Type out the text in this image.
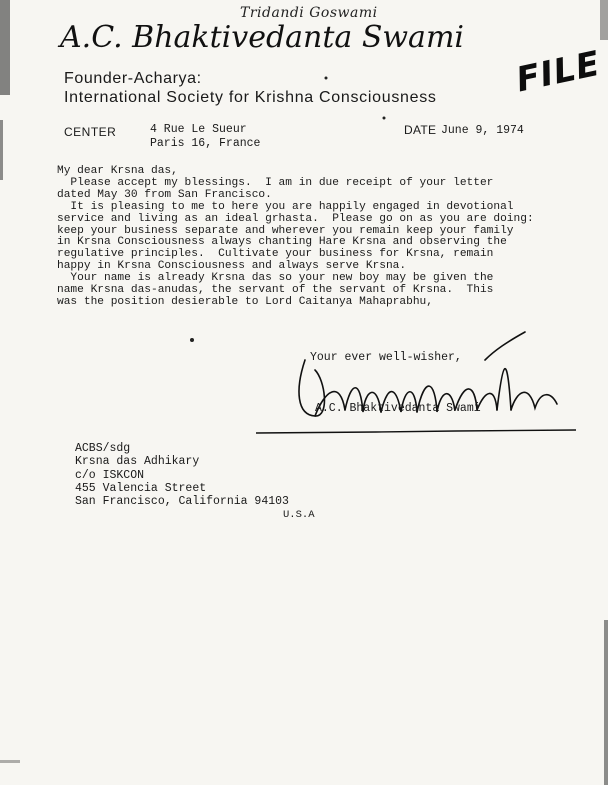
Tridandi Goswami
A.C. Bhaktivedanta Swami
Founder-Acharya:
International Society for Krishna Consciousness FILE
CENTER	4 Rue Le Sueur
Paris 16, France
DATE June 9, 1974
My dear Krsna das,
Please accept my blessings.  I am in due receipt of your letter
dated May 30 from San Francisco.
It is pleasing to me to here you are happily engaged in devotional
service and living as an ideal grhasta.  Please go on as you are doing:
keep your business separate and wherever you remain keep your family
in Krsna Consciousness always chanting Hare Krsna and observing the
regulative principles.  Cultivate your business for Krsna, remain
happy in Krsna Consciousness and always serve Krsna.
Your name is already Krsna das so your new boy may be given the
name Krsna das-anudas, the servant of the servant of Krsna.  This
was the position desierable to Lord Caitanya Mahaprabhu,
Your ever well-wisher,
A.C. Bhaktivedanta Swami
ACBS/sdg
Krsna das Adhikary
c/o ISKCON
455 Valencia Street
San Francisco, California 94103
U.S.A
